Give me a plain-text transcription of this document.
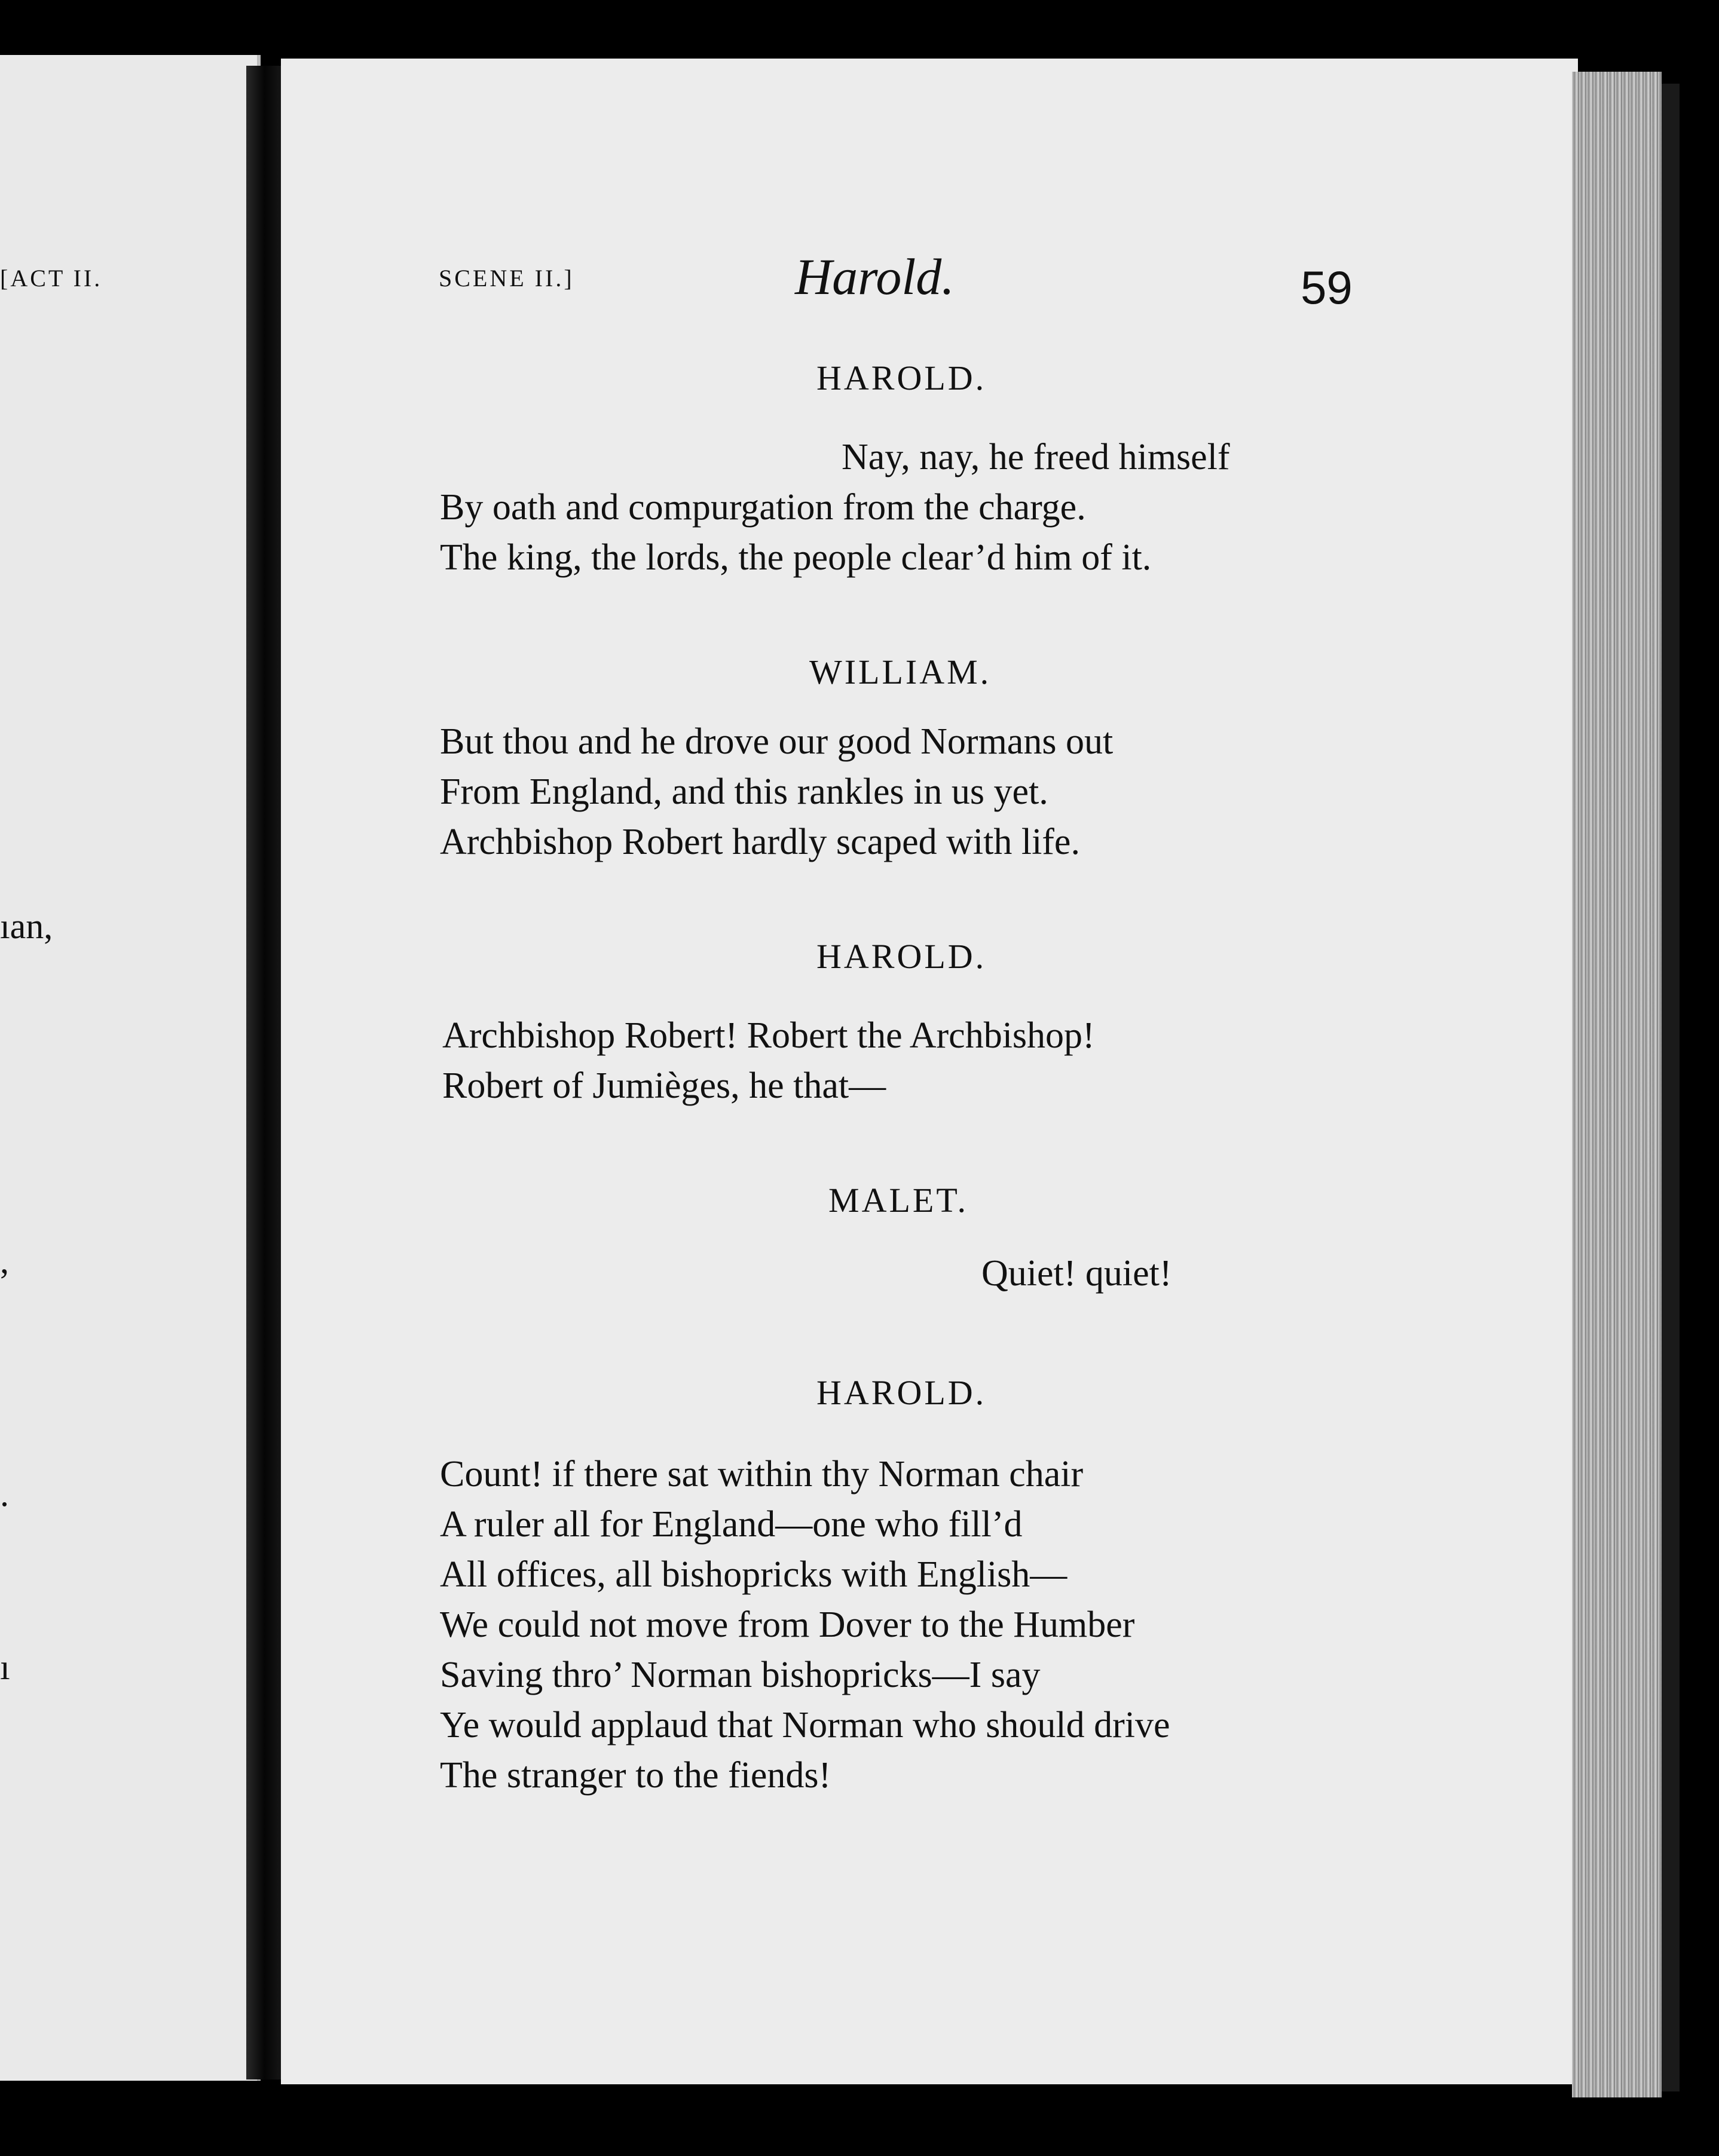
[ACT II.
ıan,
,
.
ı
SCENE II.]	Harold.	59
HAROLD.
Nay, nay, he freed himself
By oath and compurgation from the charge.
The king, the lords, the people clear’d him of it.
WILLIAM.
But thou and he drove our good Normans out
From England, and this rankles in us yet.
Archbishop Robert hardly scaped with life.
HAROLD.
Archbishop Robert! Robert the Archbishop!
Robert of Jumièges, he that—
MALET.
Quiet! quiet!
HAROLD.
Count! if there sat within thy Norman chair
A ruler all for England—one who fill’d
All offices, all bishopricks with English—
We could not move from Dover to the Humber
Saving thro’ Norman bishopricks—I say
Ye would applaud that Norman who should drive
The stranger to the fiends!
